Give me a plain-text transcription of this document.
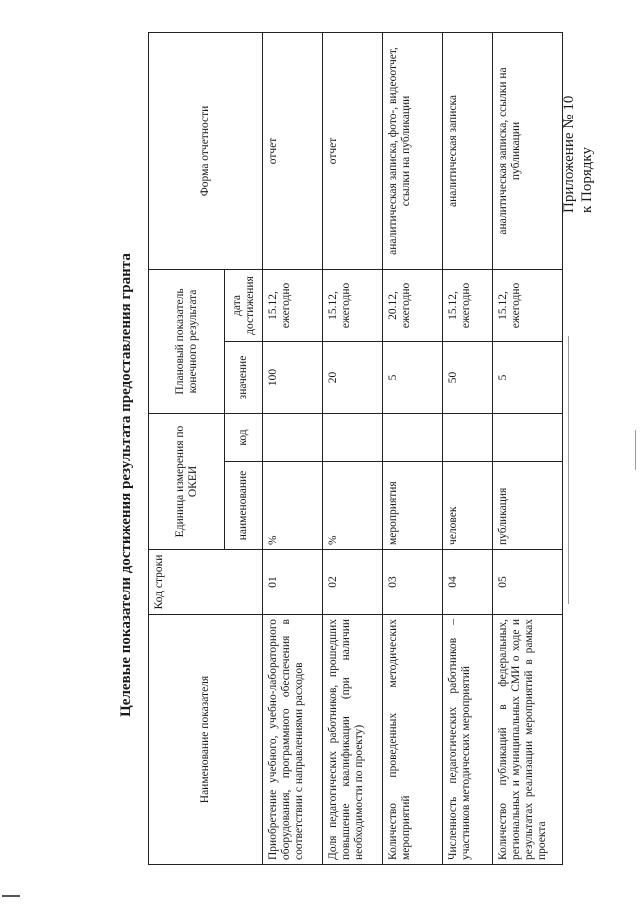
Приложение № 10 к Порядку
Целевые показатели достижения результата предоставления гранта
Наименование показателя	Код строки	Единица измерения по ОКЕИ		Плановый показатель конечного результата		Форма отчетности
		наименование	код	значение	дата достижения	
Приобретение учебного, учебно-лабораторного оборудования, программного обеспечения в соответствии с направлениями расходов	01	%		100	15.12, ежегодно	отчет
Доля педагогических работников, прошедших повышение квалификации (при наличии необходимости по проекту)	02	%		20	15.12, ежегодно	отчет
Количество проведенных методических мероприятий	03	мероприятия		5	20.12, ежегодно	аналитическая записка, фото-, видеоотчет, ссылки на публикации
Численность педагогических работников – участников методических мероприятий	04	человек		50	15.12, ежегодно	аналитическая записка
Количество публикаций в федеральных, региональных и муниципальных СМИ о ходе и результатах реализации мероприятий в рамках проекта	05	публикация		5	15.12, ежегодно	аналитическая записка, ссылки на публикации
